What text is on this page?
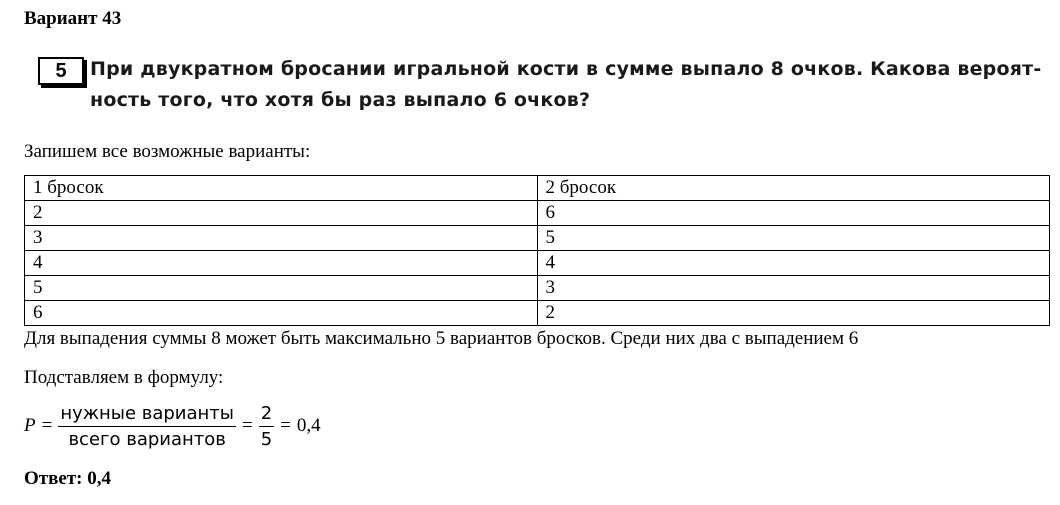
Вариант 43
5	При двукратном бросании игральной кости в сумме выпало 8 очков. Какова вероят-
ность того, что хотя бы раз выпало 6 очков?
Запишем все возможные варианты:
1 бросок	2 бросок
2	6
3	5
4	4
5	3
6	2
Для выпадения суммы 8 может быть максимально 5 вариантов бросков. Среди них два с выпадением 6
Подставляем в формулу:
$P = \frac{\text{нужные варианты}}{\text{всего вариантов}} = \frac{2}{5} = 0,4$
Ответ: 0,4
